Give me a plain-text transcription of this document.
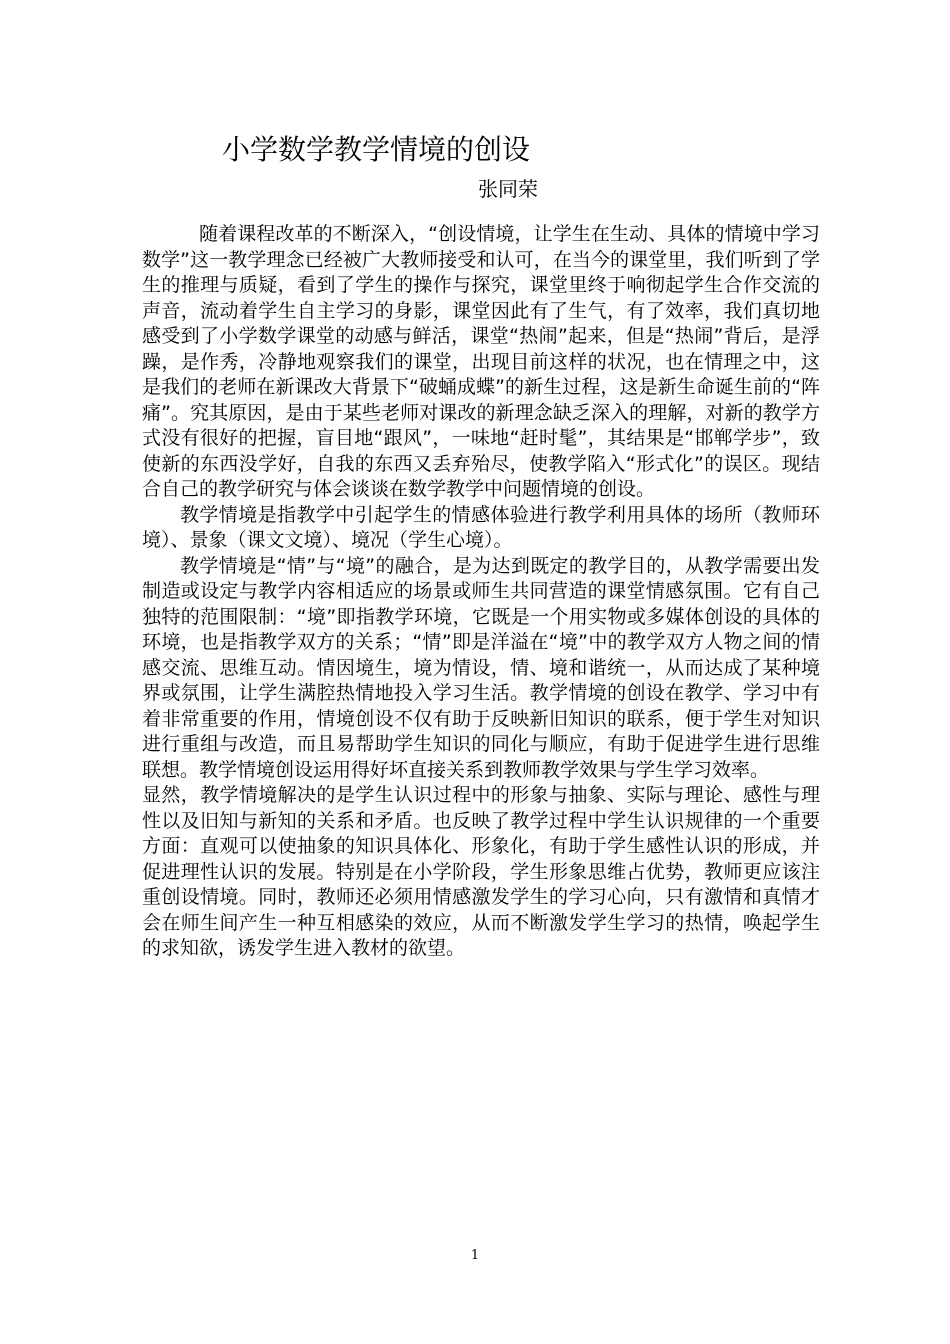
小学数学教学情境的创设
张同荣

随着课程改革的不断深入，“创设情境，让学生在生动、具体的情境中学习数学”这一教学理念已经被广大教师接受和认可，在当今的课堂里，我们听到了学生的推理与质疑，看到了学生的操作与探究，课堂里终于响彻起学生合作交流的声音，流动着学生自主学习的身影，课堂因此有了生气，有了效率，我们真切地感受到了小学数学课堂的动感与鲜活，课堂“热闹”起来，但是“热闹”背后，是浮躁，是作秀，冷静地观察我们的课堂，出现目前这样的状况，也在情理之中，这是我们的老师在新课改大背景下“破蛹成蝶”的新生过程，这是新生命诞生前的“阵痛”。究其原因，是由于某些老师对课改的新理念缺乏深入的理解，对新的教学方式没有很好的把握，盲目地“跟风”，一味地“赶时髦”，其结果是“邯郸学步”，致使新的东西没学好，自我的东西又丢弃殆尽，使教学陷入“形式化”的误区。现结合自己的教学研究与体会谈谈在数学教学中问题情境的创设。

教学情境是指教学中引起学生的情感体验进行教学利用具体的场所（教师环境）、景象（课文文境）、境况（学生心境）。

教学情境是“情”与“境”的融合，是为达到既定的教学目的，从教学需要出发制造或设定与教学内容相适应的场景或师生共同营造的课堂情感氛围。它有自己独特的范围限制：“境”即指教学环境，它既是一个用实物或多媒体创设的具体的环境，也是指教学双方的关系；“情”即是洋溢在“境”中的教学双方人物之间的情感交流、思维互动。情因境生，境为情设，情、境和谐统一，从而达成了某种境界或氛围，让学生满腔热情地投入学习生活。教学情境的创设在教学、学习中有着非常重要的作用，情境创设不仅有助于反映新旧知识的联系，便于学生对知识进行重组与改造，而且易帮助学生知识的同化与顺应，有助于促进学生进行思维联想。教学情境创设运用得好坏直接关系到教师教学效果与学生学习效率。

显然，教学情境解决的是学生认识过程中的形象与抽象、实际与理论、感性与理性以及旧知与新知的关系和矛盾。也反映了教学过程中学生认识规律的一个重要方面：直观可以使抽象的知识具体化、形象化，有助于学生感性认识的形成，并促进理性认识的发展。特别是在小学阶段，学生形象思维占优势，教师更应该注重创设情境。同时，教师还必须用情感激发学生的学习心向，只有激情和真情才会在师生间产生一种互相感染的效应，从而不断激发学生学习的热情，唤起学生的求知欲，诱发学生进入教材的欲望。

1
